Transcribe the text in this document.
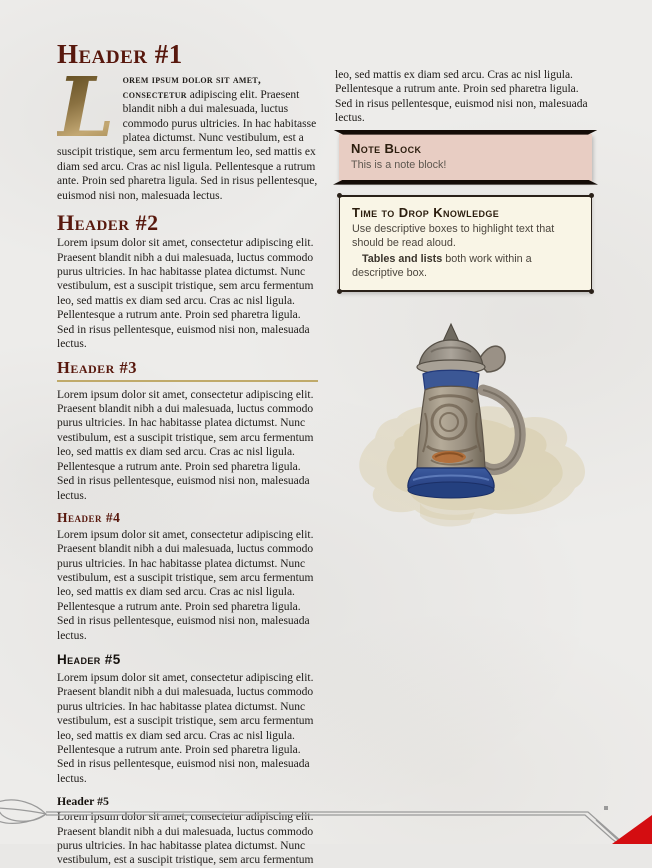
Header #1

L orem ipsum dolor sit amet, consectetur adipiscing elit. Praesent blandit nibh a dui malesuada, luctus commodo purus ultricies. In hac habitasse platea dictumst. Nunc vestibulum, est a suscipit tristique, sem arcu fermentum leo, sed mattis ex diam sed arcu. Cras ac nisl ligula. Pellentesque a rutrum ante. Proin sed pharetra ligula. Sed in risus pellentesque, euismod nisi non, malesuada lectus.

Header #2

Lorem ipsum dolor sit amet, consectetur adipiscing elit. Praesent blandit nibh a dui malesuada, luctus commodo purus ultricies. In hac habitasse platea dictumst. Nunc vestibulum, est a suscipit tristique, sem arcu fermentum leo, sed mattis ex diam sed arcu. Cras ac nisl ligula. Pellentesque a rutrum ante. Proin sed pharetra ligula. Sed in risus pellentesque, euismod nisi non, malesuada lectus.

Header #3

Lorem ipsum dolor sit amet, consectetur adipiscing elit. Praesent blandit nibh a dui malesuada, luctus commodo purus ultricies. In hac habitasse platea dictumst. Nunc vestibulum, est a suscipit tristique, sem arcu fermentum leo, sed mattis ex diam sed arcu. Cras ac nisl ligula. Pellentesque a rutrum ante. Proin sed pharetra ligula. Sed in risus pellentesque, euismod nisi non, malesuada lectus.

Header #4

Lorem ipsum dolor sit amet, consectetur adipiscing elit. Praesent blandit nibh a dui malesuada, luctus commodo purus ultricies. In hac habitasse platea dictumst. Nunc vestibulum, est a suscipit tristique, sem arcu fermentum leo, sed mattis ex diam sed arcu. Cras ac nisl ligula. Pellentesque a rutrum ante. Proin sed pharetra ligula. Sed in risus pellentesque, euismod nisi non, malesuada lectus.

Header #5

Lorem ipsum dolor sit amet, consectetur adipiscing elit. Praesent blandit nibh a dui malesuada, luctus commodo purus ultricies. In hac habitasse platea dictumst. Nunc vestibulum, est a suscipit tristique, sem arcu fermentum leo, sed mattis ex diam sed arcu. Cras ac nisl ligula. Pellentesque a rutrum ante. Proin sed pharetra ligula. Sed in risus pellentesque, euismod nisi non, malesuada lectus.

Header #5

Lorem ipsum dolor sit amet, consectetur adipiscing elit. Praesent blandit nibh a dui malesuada, luctus commodo purus ultricies. In hac habitasse platea dictumst. Nunc vestibulum, est a suscipit tristique, sem arcu fermentum

leo, sed mattis ex diam sed arcu. Cras ac nisl ligula. Pellentesque a rutrum ante. Proin sed pharetra ligula. Sed in risus pellentesque, euismod nisi non, malesuada lectus.

Note Block

This is a note block!

Time to Drop Knowledge

Use descriptive boxes to highlight text that should be read aloud.

Tables and lists both work within a descriptive box.
